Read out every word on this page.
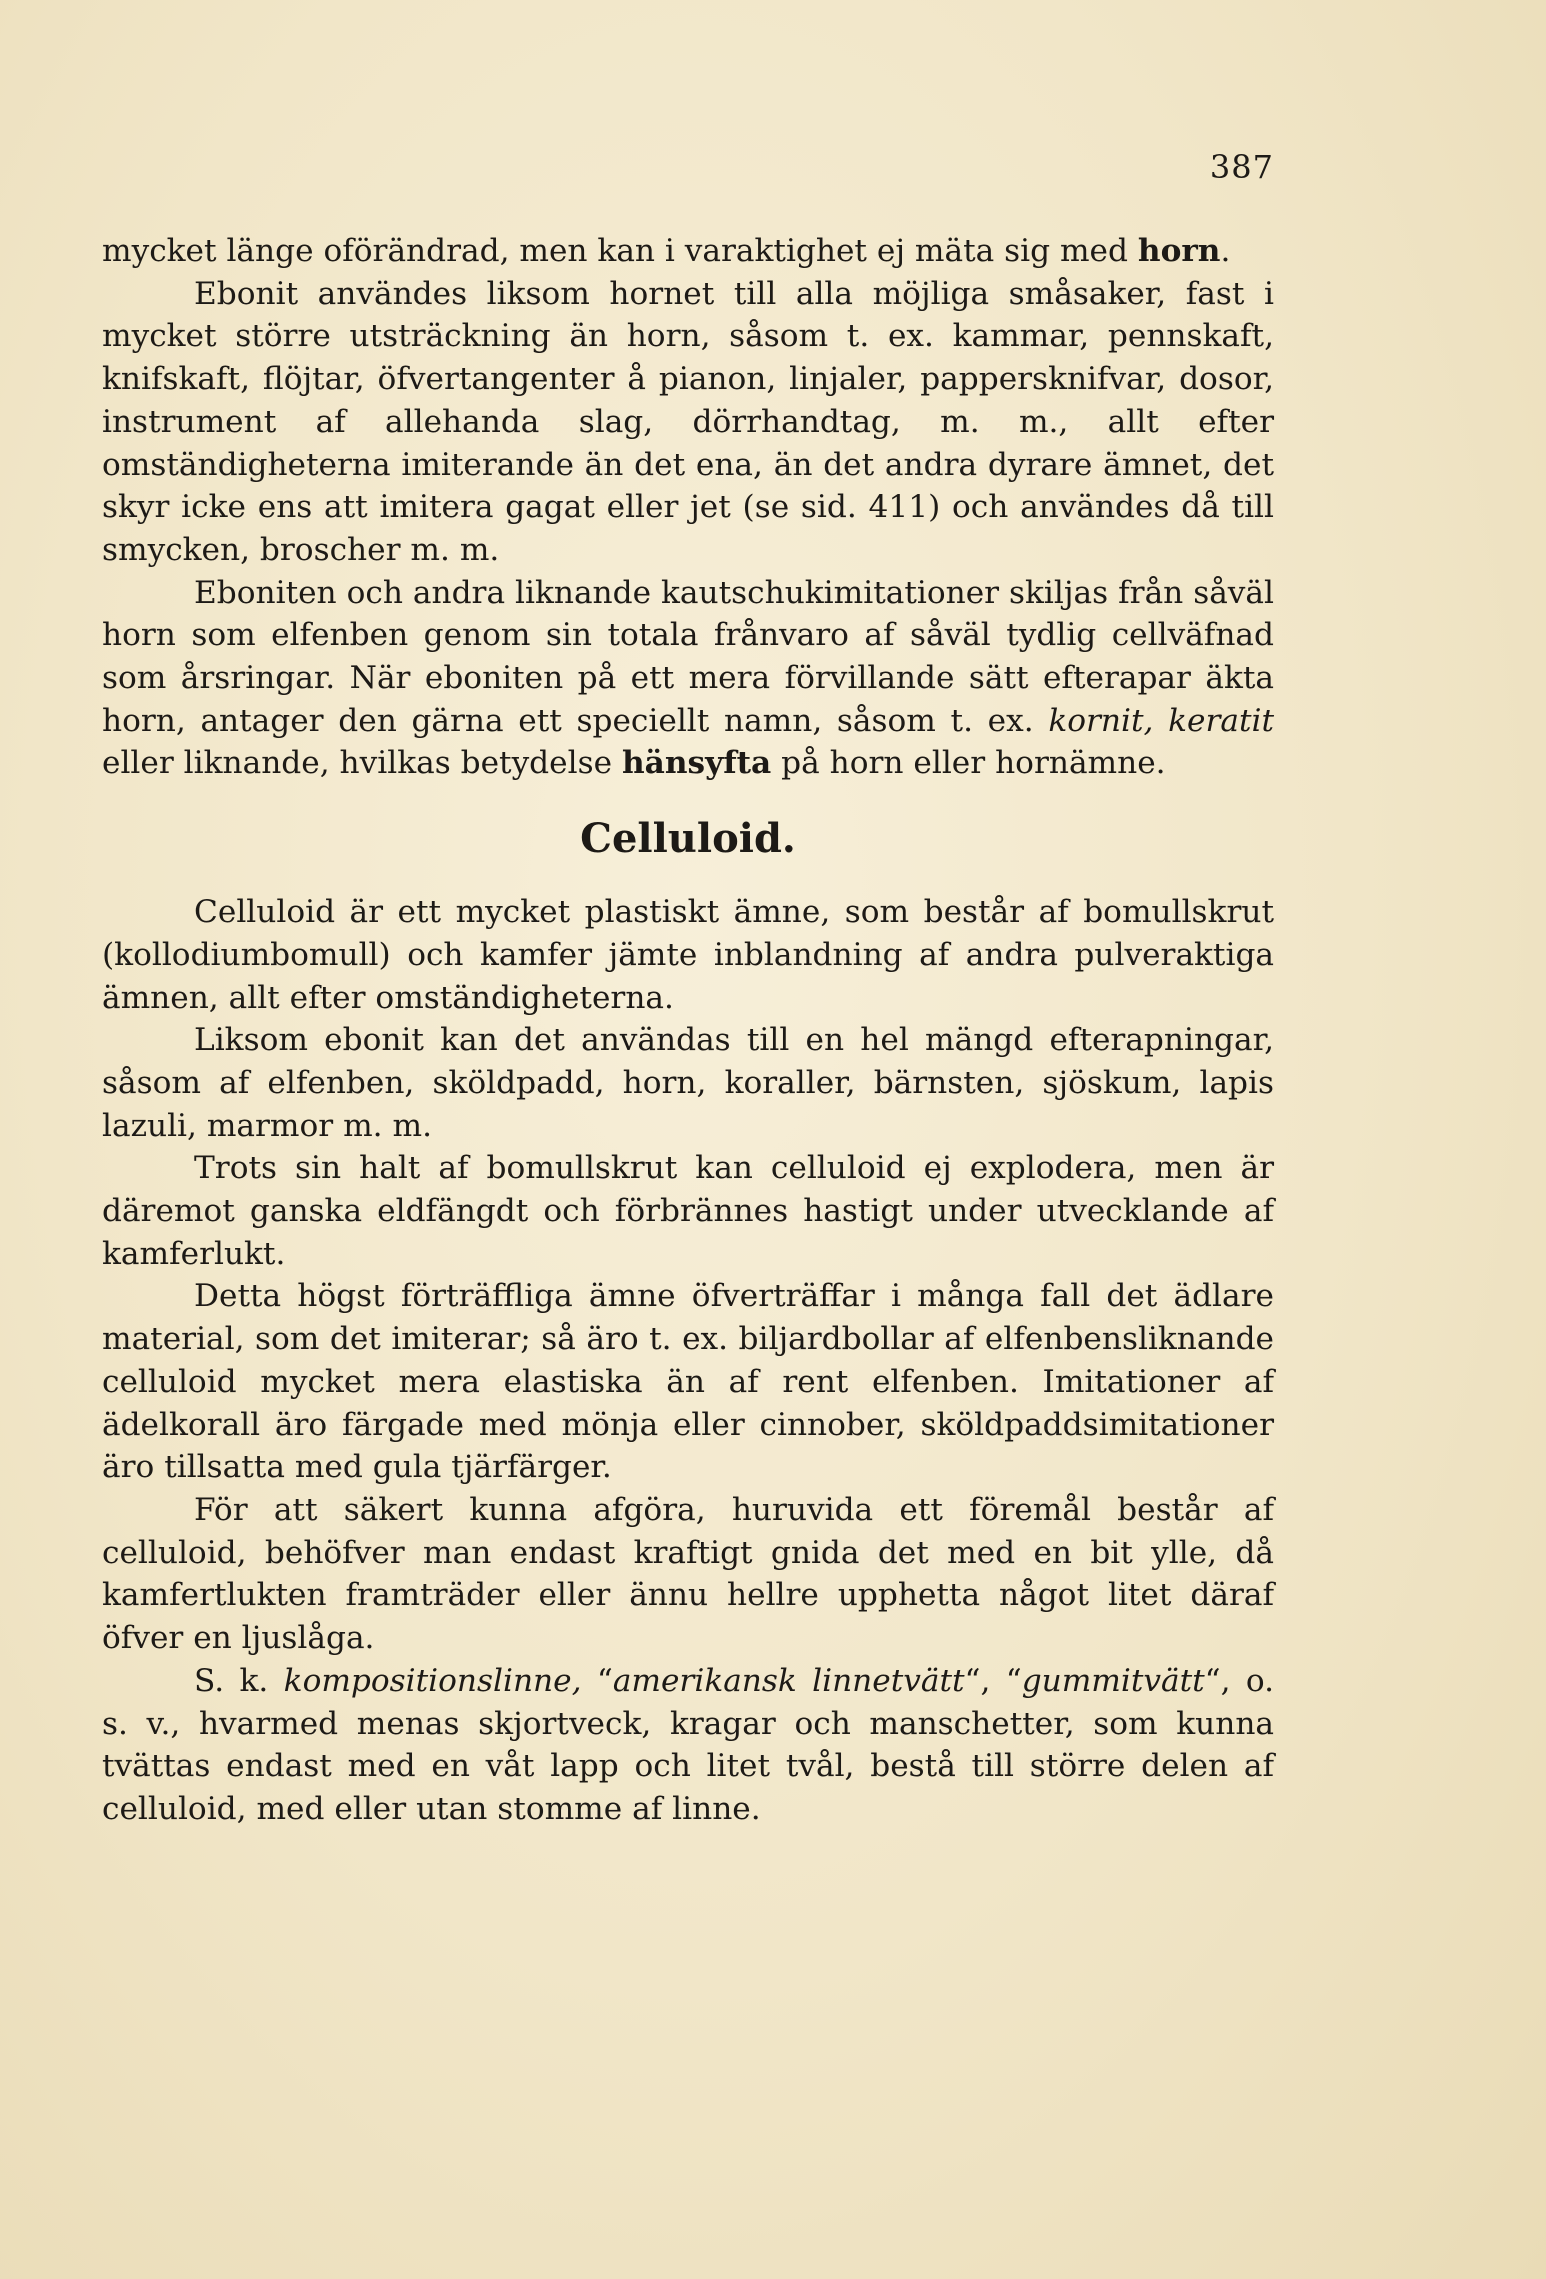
387

mycket länge oförändrad, men kan i varaktighet ej mäta sig med horn.

Ebonit användes liksom hornet till alla möjliga småsaker, fast i mycket större utsträckning än horn, såsom t. ex. kammar, pennskaft, knifskaft, flöjtar, öfvertangenter å pianon, linjaler, pappersknifvar, dosor, instrument af allehanda slag, dörrhandtag, m. m., allt efter omständigheterna imiterande än det ena, än det andra dyrare ämnet, det skyr icke ens att imitera gagat eller jet (se sid. 411) och användes då till smycken, broscher m. m.

Eboniten och andra liknande kautschukimitationer skiljas från såväl horn som elfenben genom sin totala frånvaro af såväl tydlig cellväfnad som årsringar. När eboniten på ett mera förvillande sätt efterapar äkta horn, antager den gärna ett speciellt namn, såsom t. ex. kornit, keratit eller liknande, hvilkas betydelse hänsyfta på horn eller hornämne.

Celluloid.

Celluloid är ett mycket plastiskt ämne, som består af bomullskrut (kollodiumbomull) och kamfer jämte inblandning af andra pulveraktiga ämnen, allt efter omständigheterna.

Liksom ebonit kan det användas till en hel mängd efterapningar, såsom af elfenben, sköldpadd, horn, koraller, bärnsten, sjöskum, lapis lazuli, marmor m. m.

Trots sin halt af bomullskrut kan celluloid ej explodera, men är däremot ganska eldfängdt och förbrännes hastigt under utvecklande af kamferlukt.

Detta högst förträffliga ämne öfverträffar i många fall det ädlare material, som det imiterar; så äro t. ex. biljardbollar af elfenbensliknande celluloid mycket mera elastiska än af rent elfenben. Imitationer af ädelkorall äro färgade med mönja eller cinnober, sköldpaddsimitationer äro tillsatta med gula tjärfärger.

För att säkert kunna afgöra, huruvida ett föremål består af celluloid, behöfver man endast kraftigt gnida det med en bit ylle, då kamfertlukten framträder eller ännu hellre upphetta något litet däraf öfver en ljuslåga.

S. k. kompositionslinne, “amerikansk linnetvätt“, “gummitvätt“, o. s. v., hvarmed menas skjortveck, kragar och manschetter, som kunna tvättas endast med en våt lapp och litet tvål, bestå till större delen af celluloid, med eller utan stomme af linne.
